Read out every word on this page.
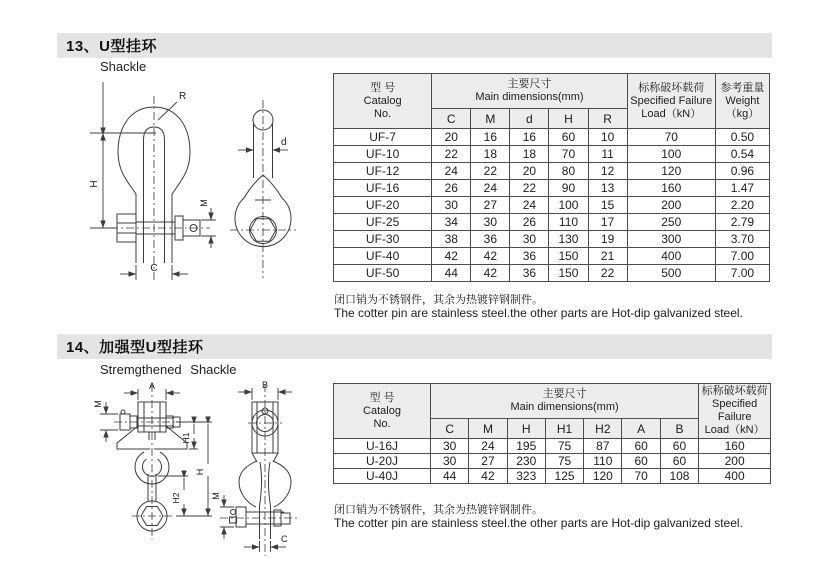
13、U型挂环
Shackle
R
H
M
C
d
型 号
Catalog
No.

主要尺寸
Main dimensions(mm)

标称破坏载荷
Specified Failure
Load（kN）

参考重量
Weight
（kg）

	C	M	d	H	R		
UF-7	20	16	16	60	10	70	0.50
UF-10	22	18	18	70	11	100	0.54
UF-12	24	22	20	80	12	120	0.96
UF-16	26	24	22	90	13	160	1.47
UF-20	30	27	24	100	15	200	2.20
UF-25	34	30	26	110	17	250	2.79
UF-30	38	36	30	130	19	300	3.70
UF-40	42	42	36	150	21	400	7.00
UF-50	44	42	36	150	22	500	7.00
闭口销为不锈钢件，其余为热镀锌钢制件。
The cotter pin are stainless steel.the other parts are Hot-dip galvanized steel.
14、加强型U型挂环
Stremgthened Shackle
A
M
H1
H2
H
B
M
C
型 号
Catalog
No.

主要尺寸
Main dimensions(mm)

标称破坏载荷
Specified Failure
Load（kN）

	C	M	H	H1	H2	A	B	
U-16J	30	24	195	75	87	60	60	160
U-20J	30	27	230	75	110	60	60	200
U-40J	44	42	323	125	120	70	108	400
闭口销为不锈钢件，其余为热镀锌钢制件。
The cotter pin are stainless steel.the other parts are Hot-dip galvanized steel.
